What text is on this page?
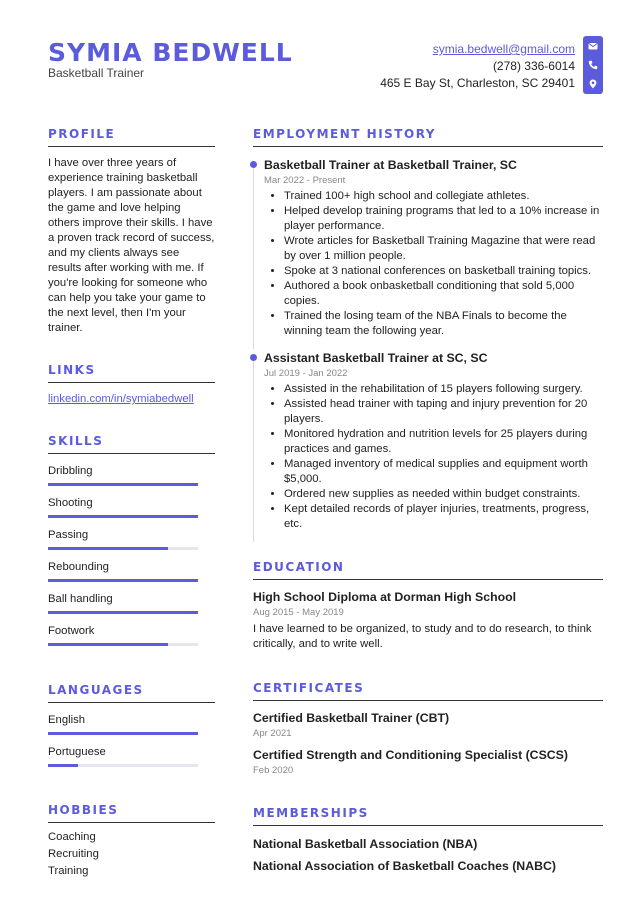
SYMIA BEDWELL
Basketball Trainer
symia.bedwell@gmail.com
(278) 336-6014
465 E Bay St, Charleston, SC 29401
PROFILE

I have over three years of experience training basketball players. I am passionate about the game and love helping others improve their skills. I have a proven track record of success, and my clients always see results after working with me. If you're looking for someone who can help you take your game to the next level, then I'm your trainer.

LINKS
linkedin.com/in/symiabedwell
SKILLS
Dribbling
Shooting
Passing
Rebounding
Ball handling
Footwork
LANGUAGES
English
Portuguese
HOBBIES
Coaching
Recruiting
Training
EMPLOYMENT HISTORY
Basketball Trainer at Basketball Trainer, SC
Mar 2022 - Present
• Trained 100+ high school and collegiate athletes.
• Helped develop training programs that led to a 10% increase in player performance.
• Wrote articles for Basketball Training Magazine that were read by over 1 million people.
• Spoke at 3 national conferences on basketball training topics.
• Authored a book onbasketball conditioning that sold 5,000 copies.
• Trained the losing team of the NBA Finals to become the winning team the following year.
Assistant Basketball Trainer at SC, SC
Jul 2019 - Jan 2022
• Assisted in the rehabilitation of 15 players following surgery.
• Assisted head trainer with taping and injury prevention for 20 players.
• Monitored hydration and nutrition levels for 25 players during practices and games.
• Managed inventory of medical supplies and equipment worth $5,000.
• Ordered new supplies as needed within budget constraints.
• Kept detailed records of player injuries, treatments, progress, etc.
EDUCATION
High School Diploma at Dorman High School
Aug 2015 - May 2019
I have learned to be organized, to study and to do research, to think critically, and to write well.
CERTIFICATES
Certified Basketball Trainer (CBT)
Apr 2021
Certified Strength and Conditioning Specialist (CSCS)
Feb 2020
MEMBERSHIPS
National Basketball Association (NBA)
National Association of Basketball Coaches (NABC)
